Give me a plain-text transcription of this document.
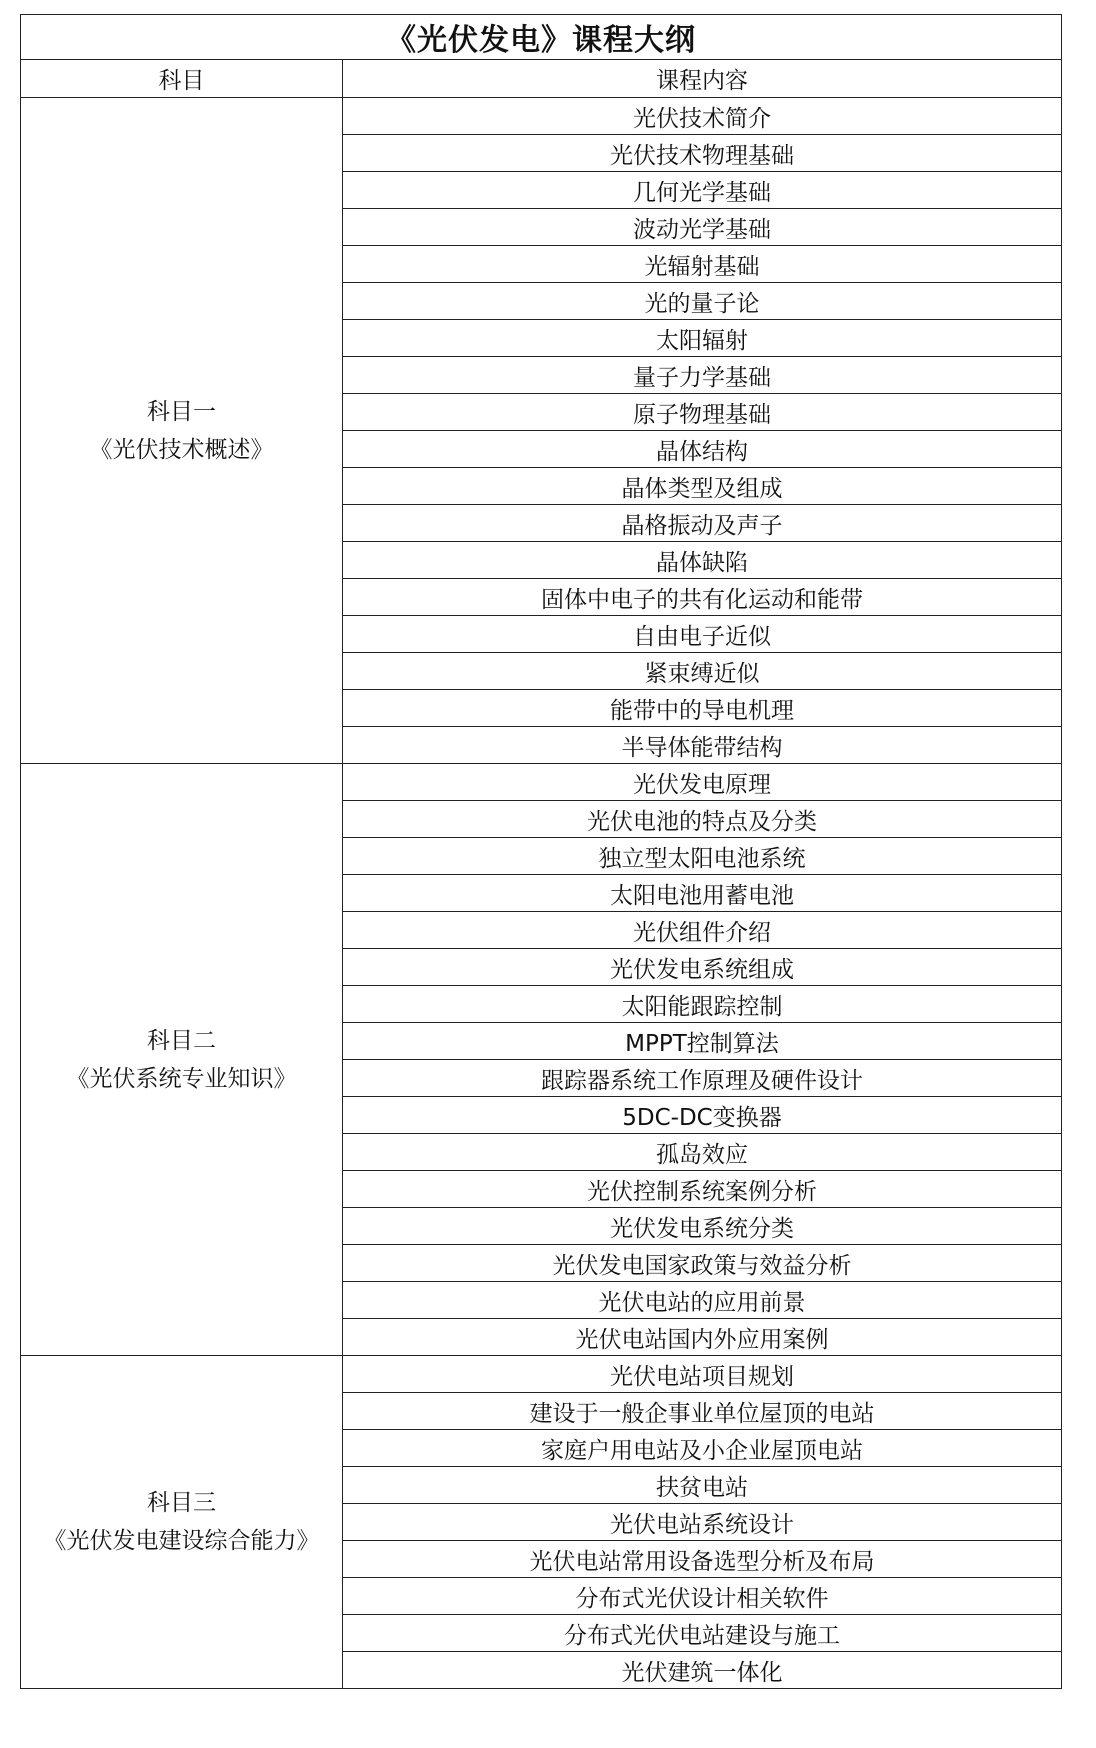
《光伏发电》课程大纲	
科目	课程内容

科目一
《光伏技术概述》	光伏技术简介
	光伏技术物理基础
	几何光学基础
	波动光学基础
	光辐射基础
	光的量子论
	太阳辐射
	量子力学基础
	原子物理基础
	晶体结构
	晶体类型及组成
	晶格振动及声子
	晶体缺陷
	固体中电子的共有化运动和能带
	自由电子近似
	紧束缚近似
	能带中的导电机理
	半导体能带结构

科目二
《光伏系统专业知识》	光伏发电原理
	光伏电池的特点及分类
	独立型太阳电池系统
	太阳电池用蓄电池
	光伏组件介绍
	光伏发电系统组成
	太阳能跟踪控制
	MPPT控制算法
	跟踪器系统工作原理及硬件设计
	5DC-DC变换器
	孤岛效应
	光伏控制系统案例分析
	光伏发电系统分类
	光伏发电国家政策与效益分析
	光伏电站的应用前景
	光伏电站国内外应用案例

科目三
《光伏发电建设综合能力》	光伏电站项目规划
	建设于一般企事业单位屋顶的电站
	家庭户用电站及小企业屋顶电站
	扶贫电站
	光伏电站系统设计
	光伏电站常用设备选型分析及布局
	分布式光伏设计相关软件
	分布式光伏电站建设与施工
	光伏建筑一体化
